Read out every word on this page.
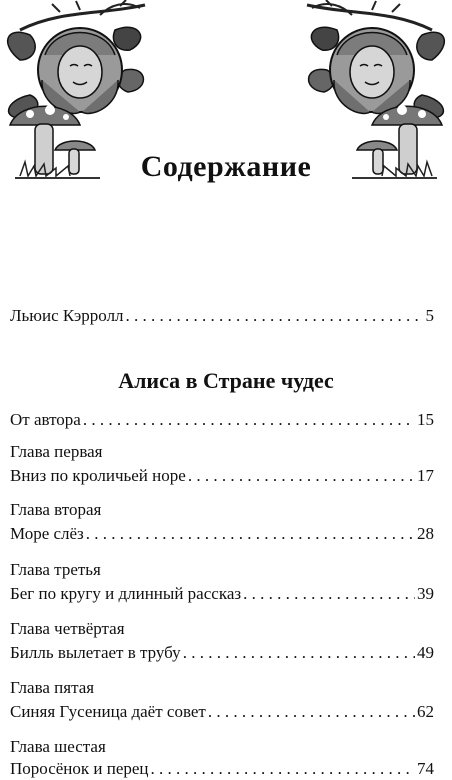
Содержание
Льюис Кэрролл . . .	5
Алиса в Стране чудес
От автора . . .	15
Глава первая
Вниз по кроличьей норе . . .	17
Глава вторая
Море слёз . . .	28
Глава третья
Бег по кругу и длинный рассказ . . .	39
Глава четвёртая
Билль вылетает в трубу . . .	49
Глава пятая
Синяя Гусеница даёт совет . . .	62
Глава шестая
Поросёнок и перец . . .	74
